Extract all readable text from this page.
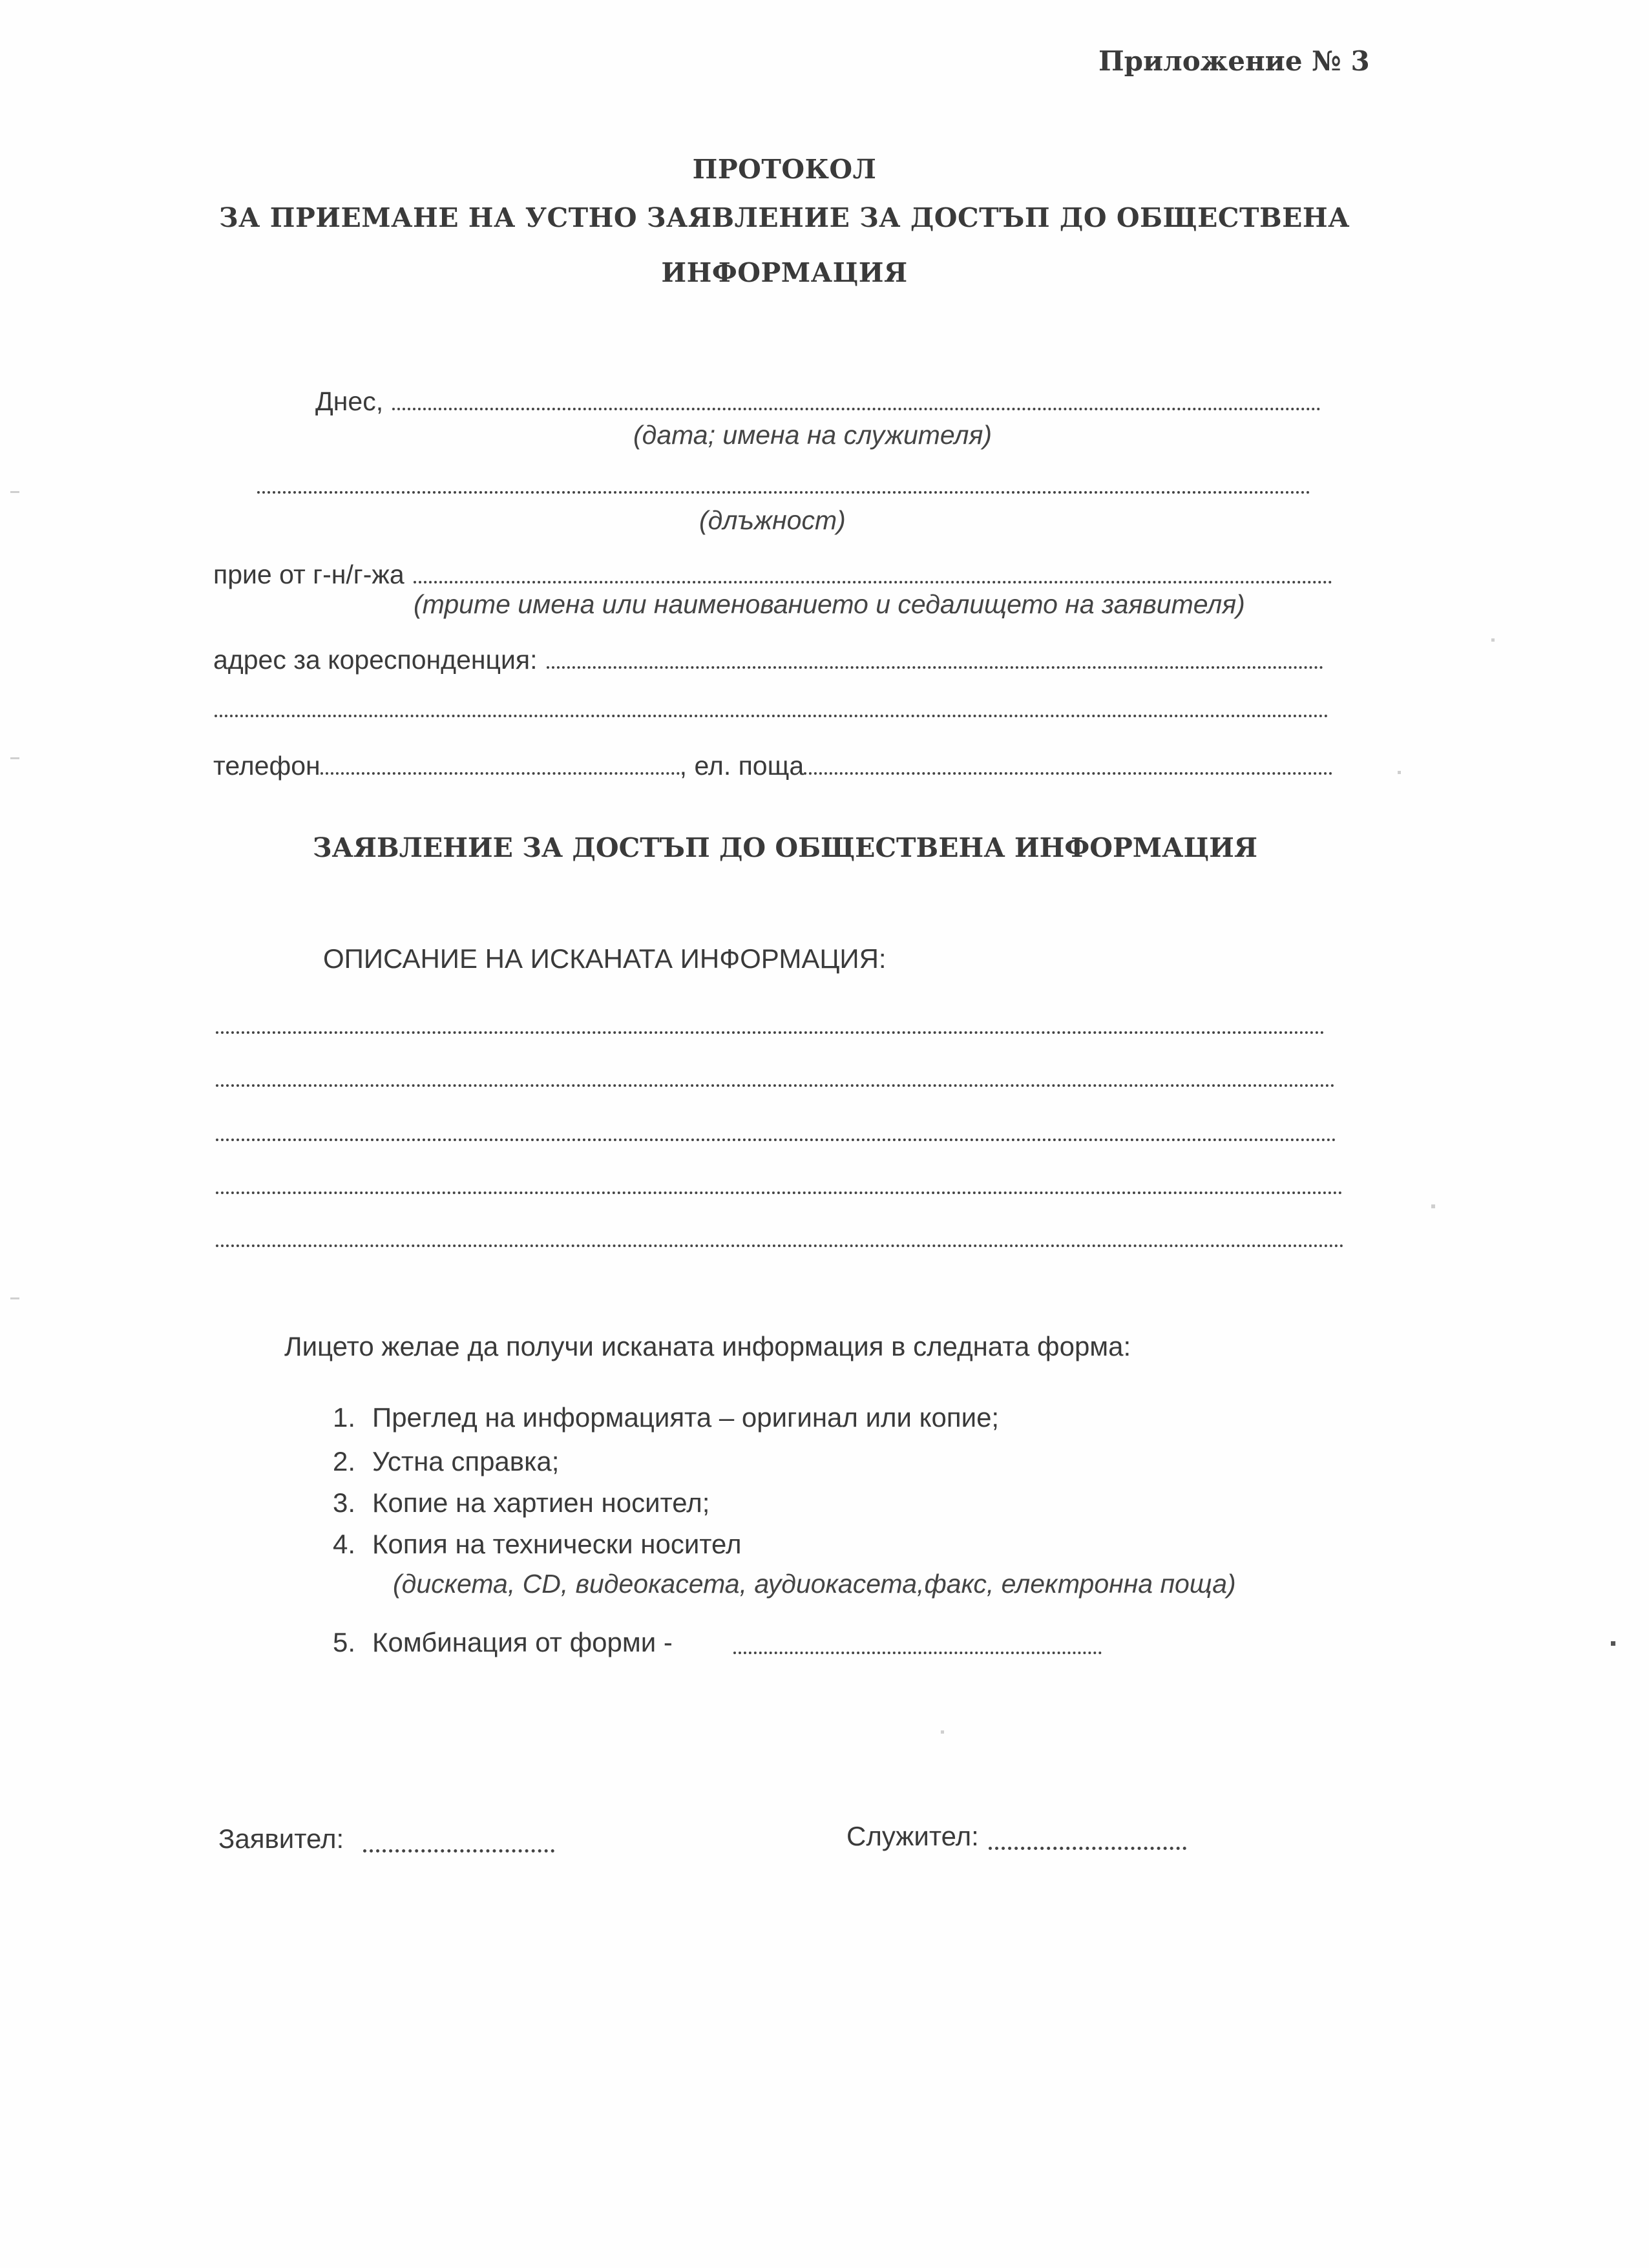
Приложение № 3
ПРОТОКОЛ
ЗА ПРИЕМАНЕ НА УСТНО ЗАЯВЛЕНИЕ ЗА ДОСТЪП ДО ОБЩЕСТВЕНА
ИНФОРМАЦИЯ
Днес,
(дата; имена на служителя)
(длъжност)
прие от г-н/г-жа
(трите имена или наименованието и седалището на заявителя)
адрес за кореспонденция:
телефон	, ел. поща
ЗАЯВЛЕНИЕ ЗА ДОСТЪП ДО ОБЩЕСТВЕНА ИНФОРМАЦИЯ
ОПИСАНИЕ НА ИСКАНАТА ИНФОРМАЦИЯ:
Лицето желае да получи исканата информация в следната форма:
1. Преглед на информацията – оригинал или копие;
2. Устна справка;
3. Копие на хартиен носител;
4. Копия на технически носител
(дискета, CD, видеокасета, аудиокасета,факс, електронна поща)
5. Комбинация от форми -
Заявител:	Служител:
